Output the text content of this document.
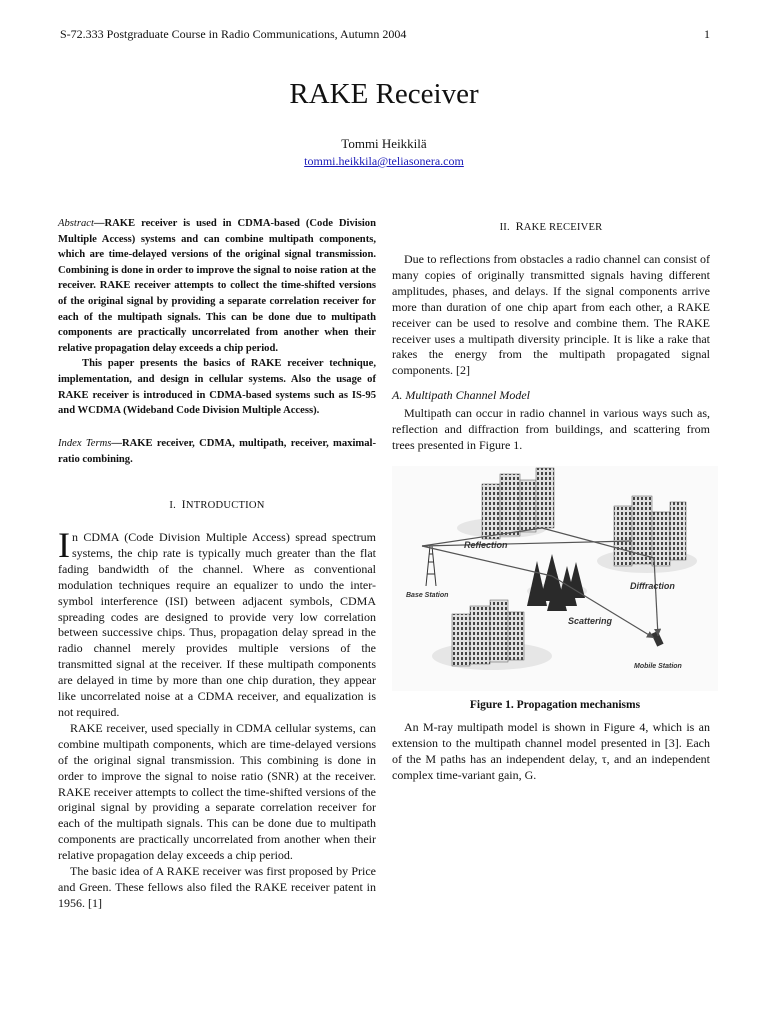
S-72.333 Postgraduate Course in Radio Communications, Autumn 2004	1
RAKE Receiver
Tommi Heikkilä
tommi.heikkila@teliasonera.com

Abstract—RAKE receiver is used in CDMA-based (Code Division Multiple Access) systems and can combine multipath components, which are time-delayed versions of the original signal transmission. Combining is done in order to improve the signal to noise ration at the receiver. RAKE receiver attempts to collect the time-shifted versions of the original signal by providing a separate correlation receiver for each of the multipath signals. This can be done due to multipath components are practically uncorrelated from another when their relative propagation delay exceeds a chip period.

This paper presents the basics of RAKE receiver technique, implementation, and design in cellular systems. Also the usage of RAKE receiver is introduced in CDMA-based systems such as IS-95 and WCDMA (Wideband Code Division Multiple Access).

Index Terms—RAKE receiver, CDMA, multipath, receiver, maximal-ratio combining.
I. INTRODUCTION

In CDMA (Code Division Multiple Access) spread spectrum systems, the chip rate is typically much greater than the flat fading bandwidth of the channel. Where as conventional modulation techniques require an equalizer to undo the inter-symbol interference (ISI) between adjacent symbols, CDMA spreading codes are designed to provide very low correlation between successive chips. Thus, propagation delay spread in the radio channel merely provides multiple versions of the transmitted signal at the receiver. If these multipath components are delayed in time by more than one chip duration, they appear like uncorrelated noise at a CDMA receiver, and equalization is not required.

RAKE receiver, used specially in CDMA cellular systems, can combine multipath components, which are time-delayed versions of the original signal transmission. This combining is done in order to improve the signal to noise ratio (SNR) at the receiver. RAKE receiver attempts to collect the time-shifted versions of the original signal by providing a separate correlation receiver for each of the multipath signals. This can be done due to multipath components are practically uncorrelated from another when their relative propagation delay exceeds a chip period.

The basic idea of A RAKE receiver was first proposed by Price and Green. These fellows also filed the RAKE receiver patent in 1956. [1]

II. RAKE RECEIVER

Due to reflections from obstacles a radio channel can consist of many copies of originally transmitted signals having different amplitudes, phases, and delays. If the signal components arrive more than duration of one chip apart from each other, a RAKE receiver can be used to resolve and combine them. The RAKE receiver uses a multipath diversity principle. It is like a rake that rakes the energy from the multipath propagated signal components. [2]

A. Multipath Channel Model

Multipath can occur in radio channel in various ways such as, reflection and diffraction from buildings, and scattering from trees presented in Figure 1.

Reflection
Diffraction
Scattering
Base Station
Mobile Station
Figure 1. Propagation mechanisms

An M-ray multipath model is shown in Figure 4, which is an extension to the multipath channel model presented in [3]. Each of the M paths has an independent delay, τ, and an independent complex time-variant gain, G.
